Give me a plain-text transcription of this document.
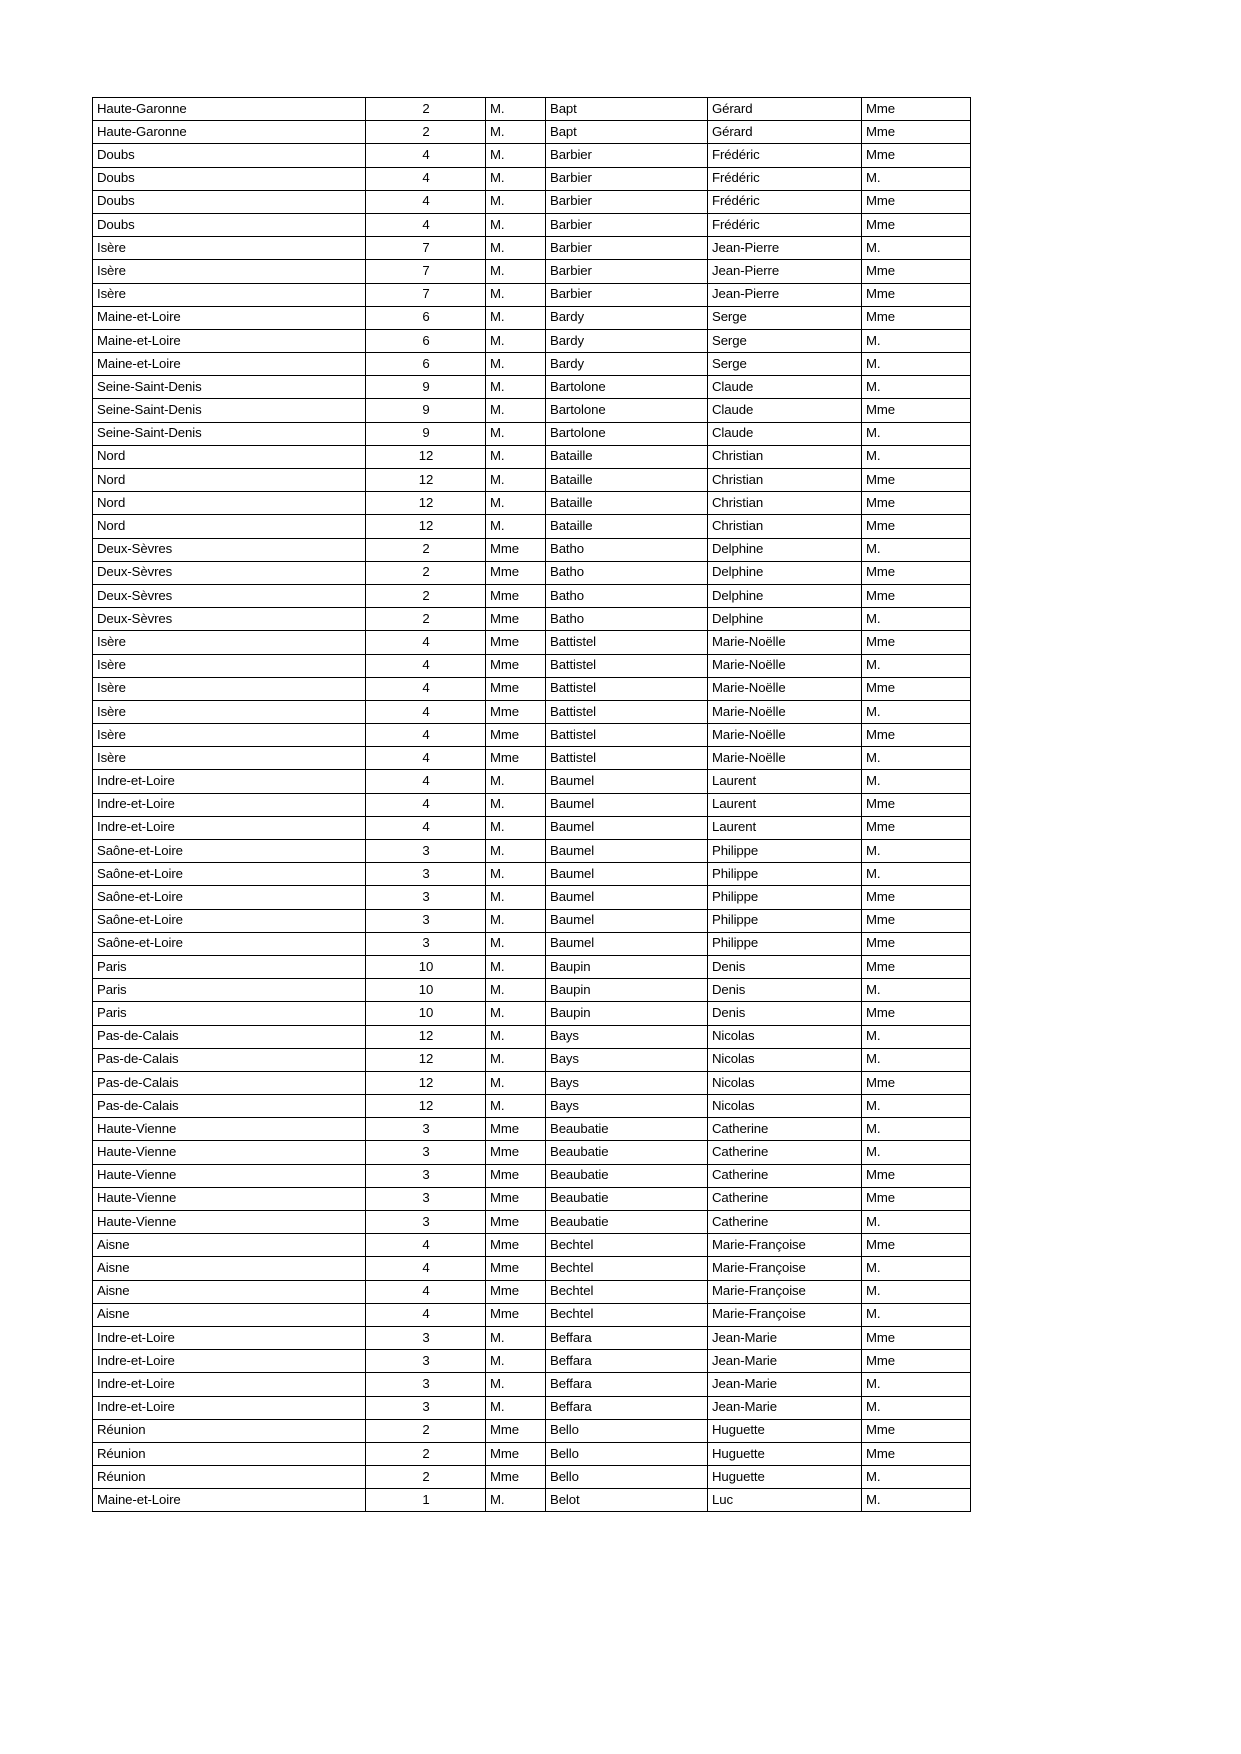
Haute-Garonne	2	M.	Bapt	Gérard	Mme
Haute-Garonne	2	M.	Bapt	Gérard	Mme
Doubs	4	M.	Barbier	Frédéric	Mme
Doubs	4	M.	Barbier	Frédéric	M.
Doubs	4	M.	Barbier	Frédéric	Mme
Doubs	4	M.	Barbier	Frédéric	Mme
Isère	7	M.	Barbier	Jean-Pierre	M.
Isère	7	M.	Barbier	Jean-Pierre	Mme
Isère	7	M.	Barbier	Jean-Pierre	Mme
Maine-et-Loire	6	M.	Bardy	Serge	Mme
Maine-et-Loire	6	M.	Bardy	Serge	M.
Maine-et-Loire	6	M.	Bardy	Serge	M.
Seine-Saint-Denis	9	M.	Bartolone	Claude	M.
Seine-Saint-Denis	9	M.	Bartolone	Claude	Mme
Seine-Saint-Denis	9	M.	Bartolone	Claude	M.
Nord	12	M.	Bataille	Christian	M.
Nord	12	M.	Bataille	Christian	Mme
Nord	12	M.	Bataille	Christian	Mme
Nord	12	M.	Bataille	Christian	Mme
Deux-Sèvres	2	Mme	Batho	Delphine	M.
Deux-Sèvres	2	Mme	Batho	Delphine	Mme
Deux-Sèvres	2	Mme	Batho	Delphine	Mme
Deux-Sèvres	2	Mme	Batho	Delphine	M.
Isère	4	Mme	Battistel	Marie-Noëlle	Mme
Isère	4	Mme	Battistel	Marie-Noëlle	M.
Isère	4	Mme	Battistel	Marie-Noëlle	Mme
Isère	4	Mme	Battistel	Marie-Noëlle	M.
Isère	4	Mme	Battistel	Marie-Noëlle	Mme
Isère	4	Mme	Battistel	Marie-Noëlle	M.
Indre-et-Loire	4	M.	Baumel	Laurent	M.
Indre-et-Loire	4	M.	Baumel	Laurent	Mme
Indre-et-Loire	4	M.	Baumel	Laurent	Mme
Saône-et-Loire	3	M.	Baumel	Philippe	M.
Saône-et-Loire	3	M.	Baumel	Philippe	M.
Saône-et-Loire	3	M.	Baumel	Philippe	Mme
Saône-et-Loire	3	M.	Baumel	Philippe	Mme
Saône-et-Loire	3	M.	Baumel	Philippe	Mme
Paris	10	M.	Baupin	Denis	Mme
Paris	10	M.	Baupin	Denis	M.
Paris	10	M.	Baupin	Denis	Mme
Pas-de-Calais	12	M.	Bays	Nicolas	M.
Pas-de-Calais	12	M.	Bays	Nicolas	M.
Pas-de-Calais	12	M.	Bays	Nicolas	Mme
Pas-de-Calais	12	M.	Bays	Nicolas	M.
Haute-Vienne	3	Mme	Beaubatie	Catherine	M.
Haute-Vienne	3	Mme	Beaubatie	Catherine	M.
Haute-Vienne	3	Mme	Beaubatie	Catherine	Mme
Haute-Vienne	3	Mme	Beaubatie	Catherine	Mme
Haute-Vienne	3	Mme	Beaubatie	Catherine	M.
Aisne	4	Mme	Bechtel	Marie-Françoise	Mme
Aisne	4	Mme	Bechtel	Marie-Françoise	M.
Aisne	4	Mme	Bechtel	Marie-Françoise	M.
Aisne	4	Mme	Bechtel	Marie-Françoise	M.
Indre-et-Loire	3	M.	Beffara	Jean-Marie	Mme
Indre-et-Loire	3	M.	Beffara	Jean-Marie	Mme
Indre-et-Loire	3	M.	Beffara	Jean-Marie	M.
Indre-et-Loire	3	M.	Beffara	Jean-Marie	M.
Réunion	2	Mme	Bello	Huguette	Mme
Réunion	2	Mme	Bello	Huguette	Mme
Réunion	2	Mme	Bello	Huguette	M.
Maine-et-Loire	1	M.	Belot	Luc	M.
